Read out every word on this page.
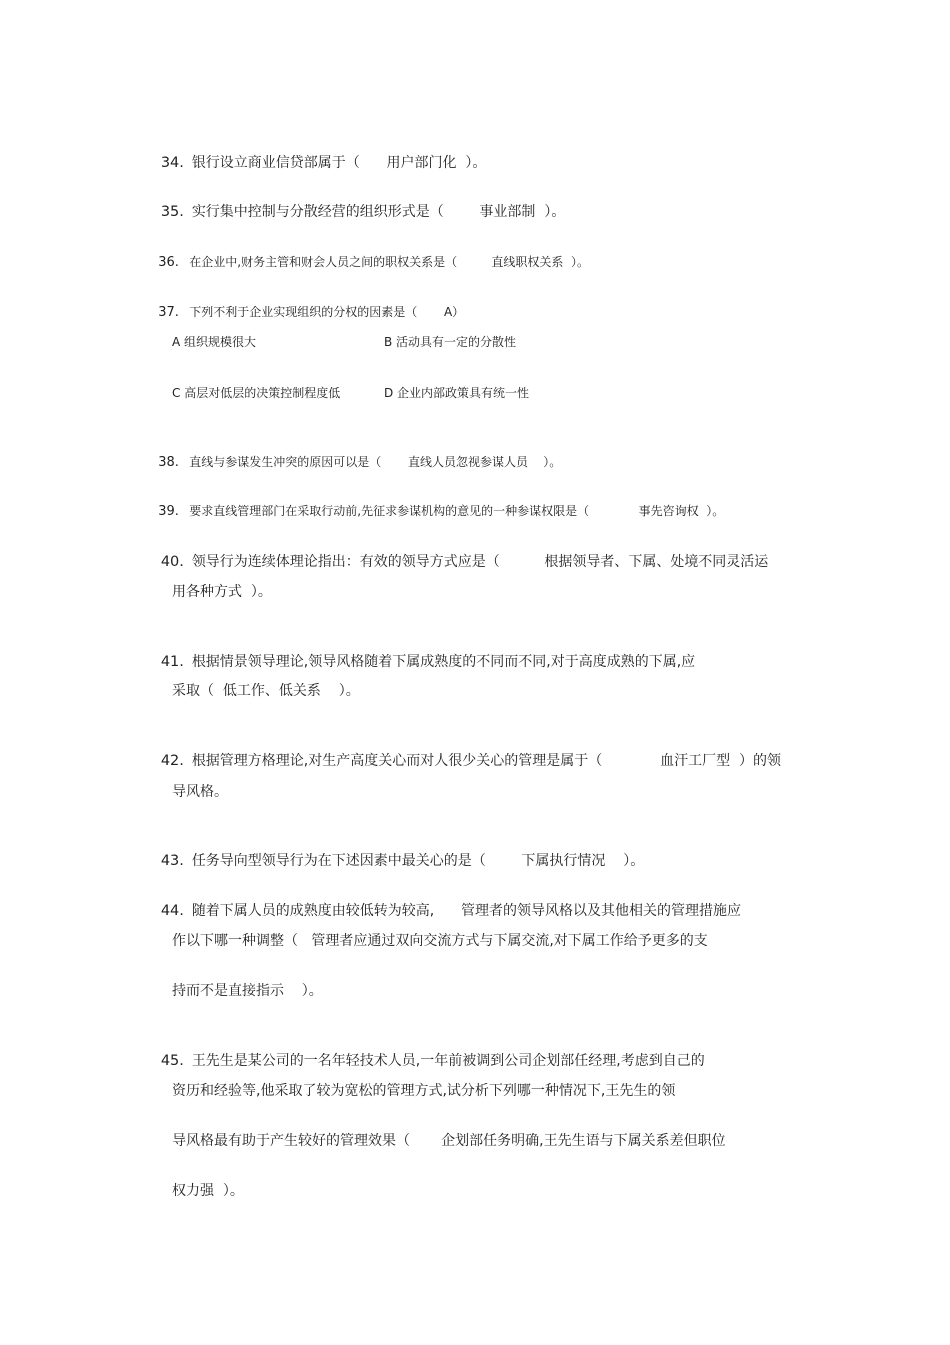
34. 银行设立商业信贷部属于（      用户部门化  ）。

35. 实行集中控制与分散经营的组织形式是（        事业部制  ）。

36. 在企业中,财务主管和财会人员之间的职权关系是（         直线职权关系  ）。

37. 下列不利于企业实现组织的分权的因素是（       A）

A 组织规模很大	B 活动具有一定的分散性
C 高层对低层的决策控制程度低	D 企业内部政策具有统一性

38. 直线与参谋发生冲突的原因可以是（       直线人员忽视参谋人员    ）。

39. 要求直线管理部门在采取行动前,先征求参谋机构的意见的一种参谋权限是（             事先咨询权  ）。

40. 领导行为连续体理论指出：有效的领导方式应是（          根据领导者、下属、处境不同灵活运

用各种方式  ）。

41. 根据情景领导理论,领导风格随着下属成熟度的不同而不同,对于高度成熟的下属,应

采取（  低工作、低关系    ）。

42. 根据管理方格理论,对生产高度关心而对人很少关心的管理是属于（             血汗工厂型  ）的领

导风格。

43. 任务导向型领导行为在下述因素中最关心的是（        下属执行情况    ）。

44. 随着下属人员的成熟度由较低转为较高,      管理者的领导风格以及其他相关的管理措施应

作以下哪一种调整（   管理者应通过双向交流方式与下属交流,对下属工作给予更多的支
持而不是直接指示    ）。

45. 王先生是某公司的一名年轻技术人员,一年前被调到公司企划部任经理,考虑到自己的

资历和经验等,他采取了较为宽松的管理方式,试分析下列哪一种情况下,王先生的领
导风格最有助于产生较好的管理效果（       企划部任务明确,王先生语与下属关系差但职位
权力强  ）。
